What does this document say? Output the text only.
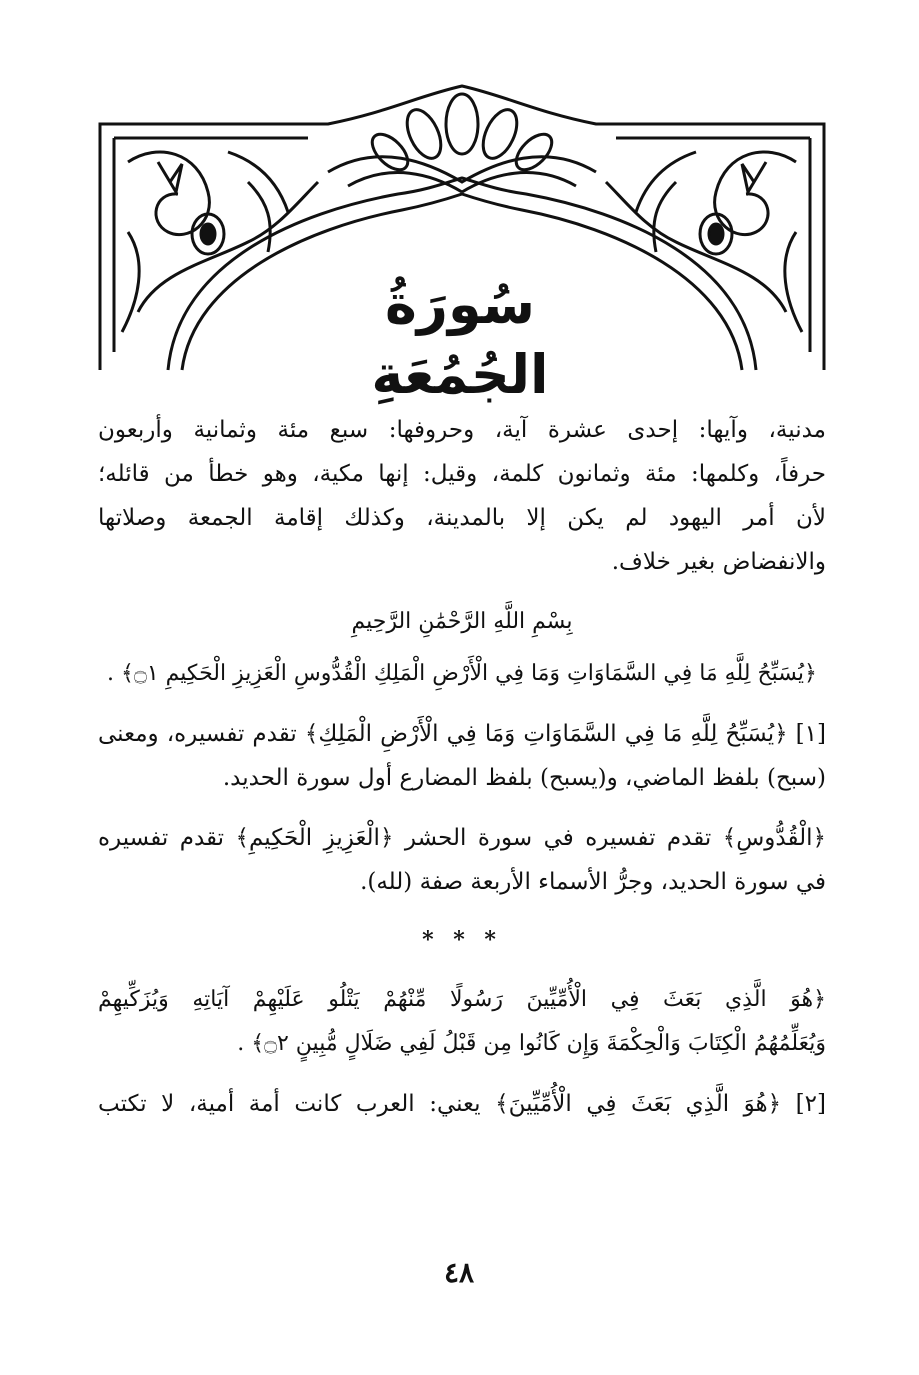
سُورَةُ الجُمُعَةِ
مدنية، وآيها: إحدى عشرة آية، وحروفها: سبع مئة وثمانية وأربعون
حرفاً، وكلمها: مئة وثمانون كلمة، وقيل: إنها مكية، وهو خطأ من قائله؛
لأن أمر اليهود لم يكن إلا بالمدينة، وكذلك إقامة الجمعة وصلاتها
والانفضاض بغير خلاف.
بِسْمِ اللَّهِ الرَّحْمَٰنِ الرَّحِيمِ
﴿يُسَبِّحُ لِلَّهِ مَا فِي السَّمَاوَاتِ وَمَا فِي الْأَرْضِ الْمَلِكِ الْقُدُّوسِ الْعَزِيزِ الْحَكِيمِ ۝١﴾ .
[١] ﴿يُسَبِّحُ لِلَّهِ مَا فِي السَّمَاوَاتِ وَمَا فِي الْأَرْضِ الْمَلِكِ﴾ تقدم تفسيره، ومعنى
(سبح) بلفظ الماضي، و(يسبح) بلفظ المضارع أول سورة الحديد.
﴿الْقُدُّوسِ﴾ تقدم تفسيره في سورة الحشر ﴿الْعَزِيزِ الْحَكِيمِ﴾ تقدم تفسيره
في سورة الحديد، وجرُّ الأسماء الأربعة صفة (لله).
* * *
﴿هُوَ الَّذِي بَعَثَ فِي الْأُمِّيِّينَ رَسُولًا مِّنْهُمْ يَتْلُو عَلَيْهِمْ آيَاتِهِ وَيُزَكِّيهِمْ
وَيُعَلِّمُهُمُ الْكِتَابَ وَالْحِكْمَةَ وَإِن كَانُوا مِن قَبْلُ لَفِي ضَلَالٍ مُّبِينٍ ۝٢﴾ .
[٢] ﴿هُوَ الَّذِي بَعَثَ فِي الْأُمِّيِّينَ﴾ يعني: العرب كانت أمة أمية، لا تكتب
٤٨
